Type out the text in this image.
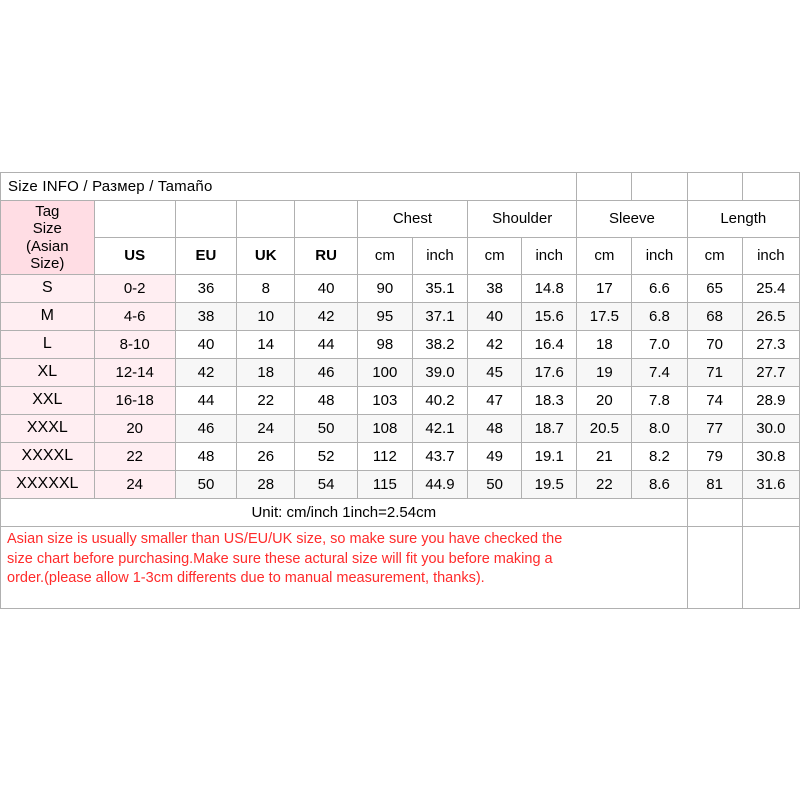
Size INFO / Размер / Tamaño												

Tag
Size
(Asian
Size)					Chest		Shoulder		Sleeve		Length	
	US	EU	UK	RU	cm	inch	cm	inch	cm	inch	cm	inch
S	0-2	36	8	40	90	35.1	38	14.8	17	6.6	65	25.4
M	4-6	38	10	42	95	37.1	40	15.6	17.5	6.8	68	26.5
L	8-10	40	14	44	98	38.2	42	16.4	18	7.0	70	27.3
XL	12-14	42	18	46	100	39.0	45	17.6	19	7.4	71	27.7
XXL	16-18	44	22	48	103	40.2	47	18.3	20	7.8	74	28.9
XXXL	20	46	24	50	108	42.1	48	18.7	20.5	8.0	77	30.0
XXXXL	22	48	26	52	112	43.7	49	19.1	21	8.2	79	30.8
XXXXXL	24	50	28	54	115	44.9	50	19.5	22	8.6	81	31.6
Unit: cm/inch 1inch=2.54cm												

Asian size is usually smaller than US/EU/UK size, so make sure you have checked the
size chart before purchasing.Make sure these actural size will fit you before making a
order.(please allow 1-3cm differents due to manual measurement, thanks).												
